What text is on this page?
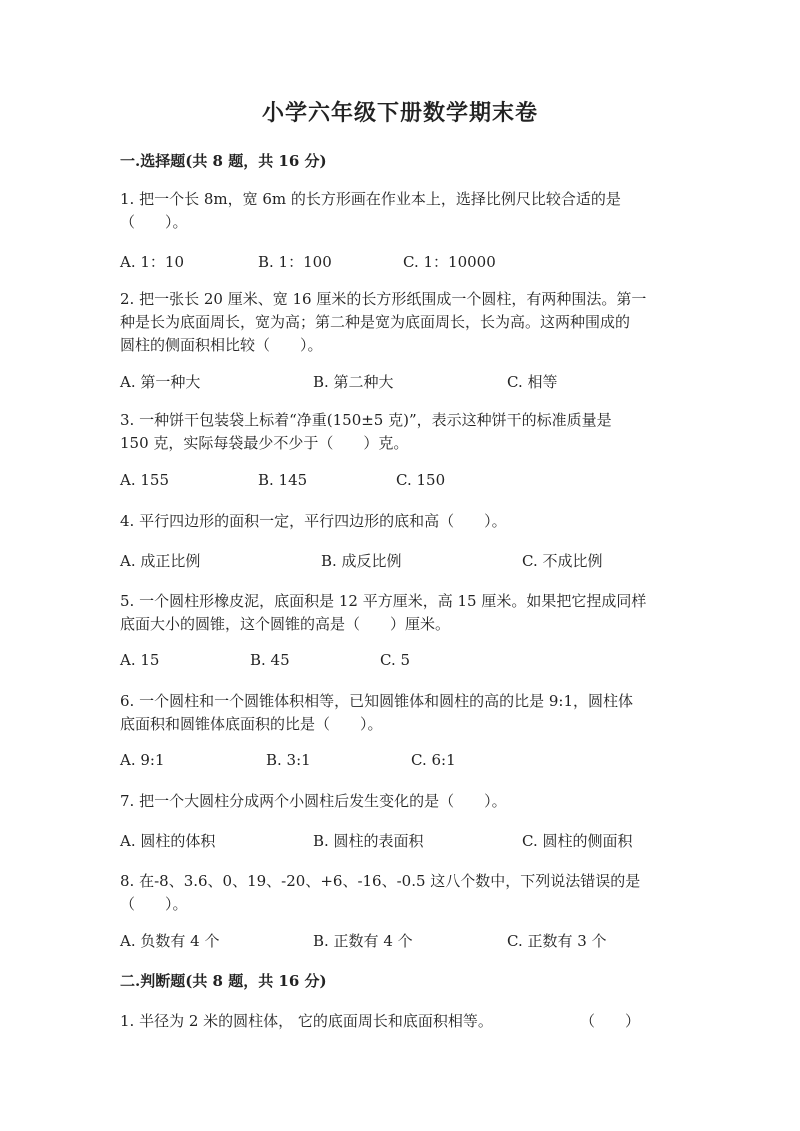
小学六年级下册数学期末卷
一.选择题(共 8 题，共 16 分)
1. 把一个长 8m，宽 6m 的长方形画在作业本上，选择比例尺比较合适的是
（　　）。
A. 1：10	B. 1：100	C. 1：10000
2. 把一张长 20 厘米、宽 16 厘米的长方形纸围成一个圆柱，有两种围法。第一
种是长为底面周长，宽为高；第二种是宽为底面周长，长为高。这两种围成的
圆柱的侧面积相比较（　　）。
A. 第一种大	B. 第二种大	C. 相等
3. 一种饼干包装袋上标着“净重(150±5 克)”，表示这种饼干的标准质量是
150 克，实际每袋最少不少于（　　）克。
A. 155	B. 145	C. 150
4. 平行四边形的面积一定，平行四边形的底和高（　　）。
A. 成正比例	B. 成反比例	C. 不成比例
5. 一个圆柱形橡皮泥，底面积是 12 平方厘米，高 15 厘米。如果把它捏成同样
底面大小的圆锥，这个圆锥的高是（　　）厘米。
A. 15	B. 45	C. 5
6. 一个圆柱和一个圆锥体积相等，已知圆锥体和圆柱的高的比是 9:1，圆柱体
底面积和圆锥体底面积的比是（　　）。
A. 9:1	B. 3:1	C. 6:1
7. 把一个大圆柱分成两个小圆柱后发生变化的是（　　）。
A. 圆柱的体积	B. 圆柱的表面积	C. 圆柱的侧面积
8. 在-8、3.6、0、19、-20、+6、-16、-0.5 这八个数中，下列说法错误的是
（　　）。
A. 负数有 4 个	B. 正数有 4 个	C. 正数有 3 个
二.判断题(共 8 题，共 16 分)
1. 半径为 2 米的圆柱体， 它的底面周长和底面积相等。	（　　）
